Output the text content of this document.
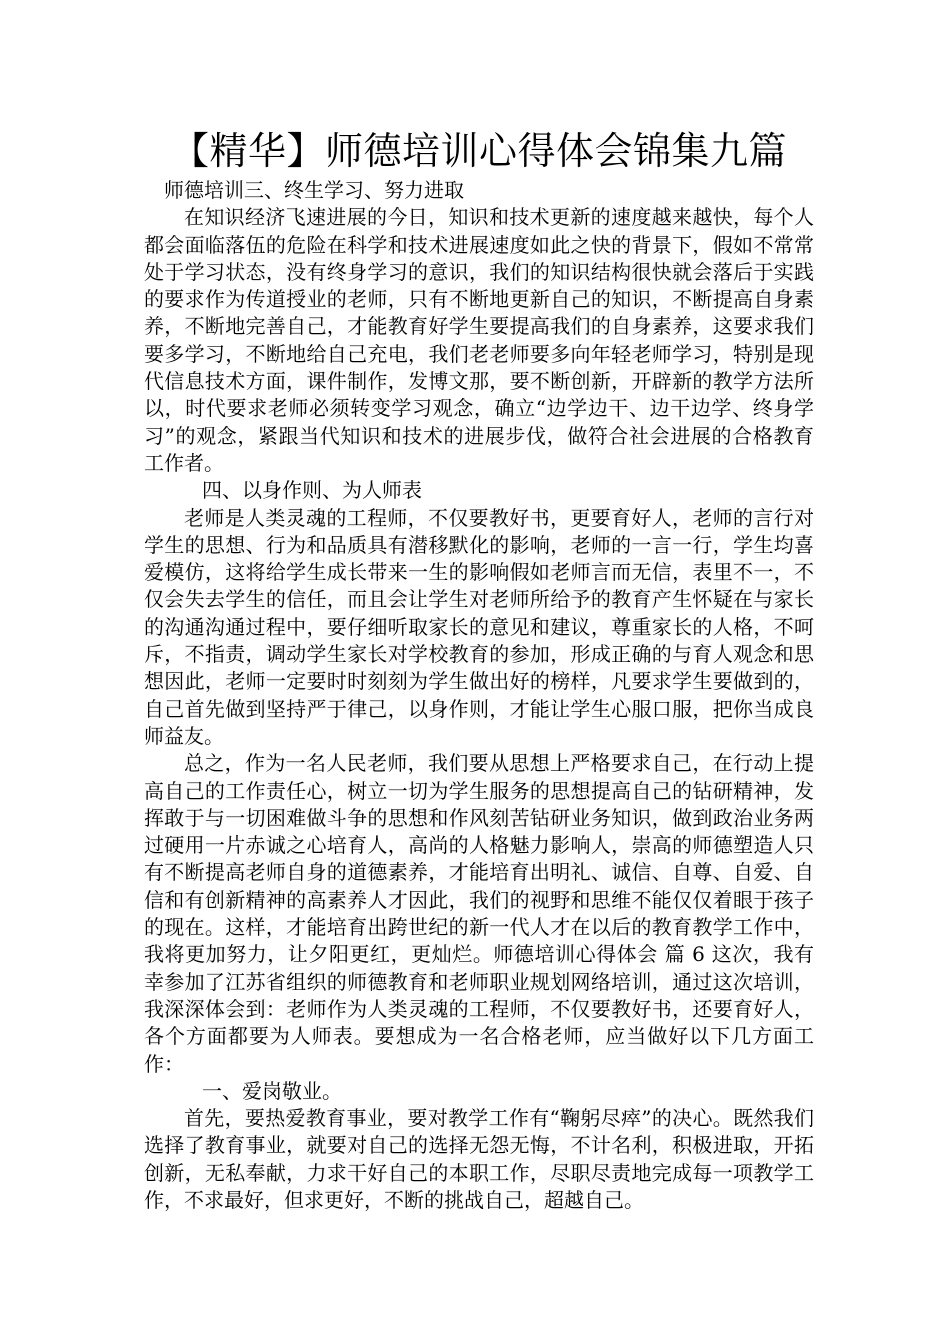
【精华】师德培训心得体会锦集九篇

师德培训三、终生学习、努力进取

在知识经济飞速进展的今日，知识和技术更新的速度越来越快，每个人都会面临落伍的危险在科学和技术进展速度如此之快的背景下，假如不常常处于学习状态，没有终身学习的意识，我们的知识结构很快就会落后于实践的要求作为传道授业的老师，只有不断地更新自己的知识，不断提高自身素养，不断地完善自己，才能教育好学生要提高我们的自身素养，这要求我们要多学习，不断地给自己充电，我们老老师要多向年轻老师学习，特别是现代信息技术方面，课件制作，发博文那，要不断创新，开辟新的教学方法所以，时代要求老师必须转变学习观念，确立“边学边干、边干边学、终身学习”的观念，紧跟当代知识和技术的进展步伐，做符合社会进展的合格教育工作者。

四、以身作则、为人师表

老师是人类灵魂的工程师，不仅要教好书，更要育好人，老师的言行对学生的思想、行为和品质具有潜移默化的影响，老师的一言一行，学生均喜爱模仿，这将给学生成长带来一生的影响假如老师言而无信，表里不一，不仅会失去学生的信任，而且会让学生对老师所给予的教育产生怀疑在与家长的沟通沟通过程中，要仔细听取家长的意见和建议，尊重家长的人格，不呵斥，不指责，调动学生家长对学校教育的参加，形成正确的与育人观念和思想因此，老师一定要时时刻刻为学生做出好的榜样，凡要求学生要做到的，自己首先做到坚持严于律己，以身作则，才能让学生心服口服，把你当成良师益友。

总之，作为一名人民老师，我们要从思想上严格要求自己，在行动上提高自己的工作责任心，树立一切为学生服务的思想提高自己的钻研精神，发挥敢于与一切困难做斗争的思想和作风刻苦钻研业务知识，做到政治业务两过硬用一片赤诚之心培育人，高尚的人格魅力影响人，崇高的师德塑造人只有不断提高老师自身的道德素养，才能培育出明礼、诚信、自尊、自爱、自信和有创新精神的高素养人才因此，我们的视野和思维不能仅仅着眼于孩子的现在。这样，才能培育出跨世纪的新一代人才在以后的教育教学工作中，我将更加努力，让夕阳更红，更灿烂。师德培训心得体会 篇 6 这次，我有幸参加了江苏省组织的师德教育和老师职业规划网络培训，通过这次培训，我深深体会到：老师作为人类灵魂的工程师，不仅要教好书，还要育好人，各个方面都要为人师表。要想成为一名合格老师，应当做好以下几方面工作：

一、爱岗敬业。

首先，要热爱教育事业，要对教学工作有“鞠躬尽瘁”的决心。既然我们选择了教育事业，就要对自己的选择无怨无悔，不计名利，积极进取，开拓创新，无私奉献，力求干好自己的本职工作，尽职尽责地完成每一项教学工作，不求最好，但求更好，不断的挑战自己，超越自己。
